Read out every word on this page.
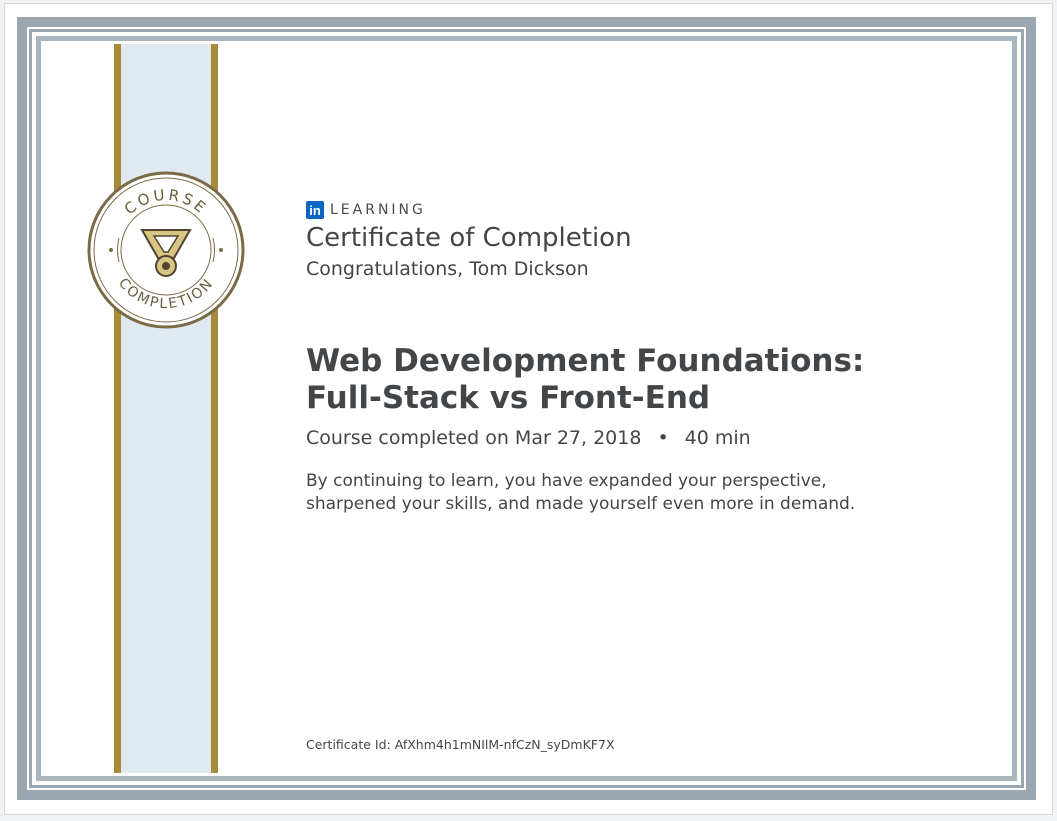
COURSE
COMPLETION
in LEARNING
Certificate of Completion
Congratulations, Tom Dickson
Web Development Foundations:
Full-Stack vs Front-End
Course completed on Mar 27, 2018 • 40 min
By continuing to learn, you have expanded your perspective,
sharpened your skills, and made yourself even more in demand.
Certificate Id: AfXhm4h1mNIlM-nfCzN_syDmKF7X
